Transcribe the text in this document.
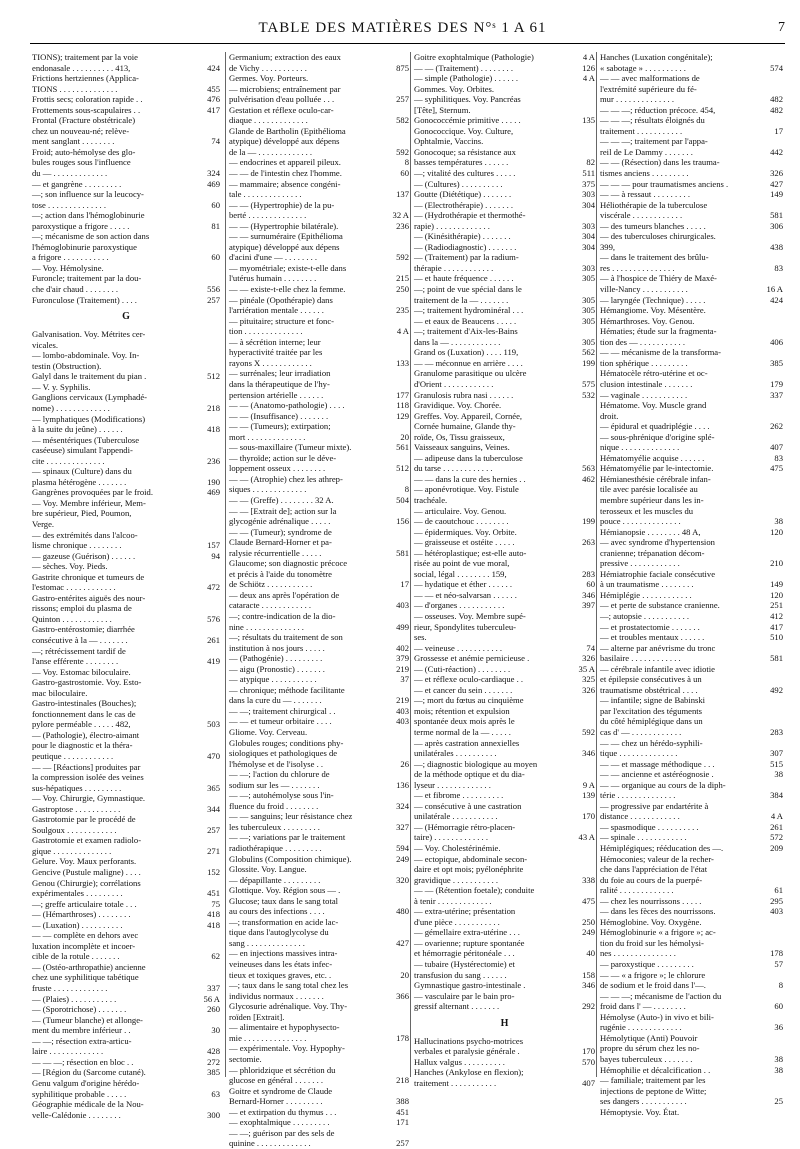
TABLE DES MATIÈRES DES N°ˢ 1 A 61	7
TIONS); traitement par la voie
endonasale . . . . . . . . . . 413,	424
Frictions hertziennes (Applica-
TIONS . . . . . . . . . . . . . .	455
Frottis secs; coloration rapide . .	476
Frottements sous-scapulaires . .	417
Frontal (Fracture obstétricale)
chez un nouveau-né; relève-
ment sanglant . . . . . . . .	74
Froid; auto-hémolyse des glo-
bules rouges sous l'influence
du — . . . . . . . . . . . . .	324
— et gangrène . . . . . . . . .	469
—; son influence sur la leucocy-
tose . . . . . . . . . . . . . .	60
—; action dans l'hémoglobinurie
paroxystique a frigore . . . . .	81
—; mécanisme de son action dans
l'hémoglobinurie paroxystique
a frigore . . . . . . . . . . .	60
— Voy. Hémolysine.
Furoncle; traitement par la dou-
che d'air chaud . . . . . . . .	556
Furonculose (Traitement) . . . .	257
G
Galvanisation. Voy. Métrites cer-
vicales.
— lombo-abdominale. Voy. In-
testin (Obstruction).
Galyl dans le traitement du pian .	512
— V. y. Syphilis.
Ganglions cervicaux (Lymphadé-
nome) . . . . . . . . . . . . .	218
— lymphatiques (Modifications)
à la suite du jeûne) . . . . . .	418
— mésentériques (Tuberculose
caséeuse) simulant l'appendi-
cite . . . . . . . . . . . . . .	236
— spinaux (Culture) dans du
plasma hétérogène . . . . . . .	190
Gangrènes provoquées par le froid.	469
— Voy. Membre inférieur, Mem-
bre supérieur, Pied, Poumon,
Verge.
— des extrémités dans l'alcoo-
lisme chronique . . . . . . . .	157
— gazeuse (Guérison) . . . . . .	94
— sèches. Voy. Pieds.
Gastrite chronique et tumeurs de
l'estomac . . . . . . . . . . . .	472
Gastro-entérites aiguës des nour-
rissons; emploi du plasma de
Quinton . . . . . . . . . . . .	576
Gastro-entérostomie; diarrhée
consécutive à la — . . . . . . .	261
—; rétrécissement tardif de
l'anse efférente . . . . . . . .	419
— Voy. Estomac biloculaire.
Gastro-gastrostomie. Voy. Esto-
mac biloculaire.
Gastro-intestinales (Bouches);
fonctionnement dans le cas de
pylore perméable . . . . . 482,	503
— (Pathologie), électro-aimant
pour le diagnostic et la théra-
peutique . . . . . . . . . . . .	470
— — [Réactions] produites par
la compression isolée des veines
sus-hépatiques . . . . . . . . .	365
— Voy. Chirurgie, Gymnastique.
Gastroptose . . . . . . . . . . .	344
Gastrotomie par le procédé de
Soulgoux . . . . . . . . . . . .	257
Gastrotomie et examen radiolo-
gique . . . . . . . . . . . . . .	271
Gelure. Voy. Maux perforants.
Gencive (Pustule maligne) . . . .	152
Genou (Chirurgie); corrélations
expérimentales . . . . . . . . .	451
—; greffe articulaire totale . . .	75
— (Hémarthroses) . . . . . . . .	418
— (Luxation) . . . . . . . . . .	418
— — complète en dehors avec
luxation incomplète et incoer-
cible de la rotule . . . . . . .	62
— (Ostéo-arthropathie) ancienne
chez une syphilitique tabétique
fruste . . . . . . . . . . . . .	337
— (Plaies) . . . . . . . . . . .	56 A
— (Sporotrichose) . . . . . . .	260
— (Tumeur blanche) et allonge-
ment du membre inférieur . .	30
— —; résection extra-articu-
laire . . . . . . . . . . . . .	428
— — —; résection en bloc . .	272
— [Région du (Sarcome cutané).	385
Genu valgum d'origine hérédo-
syphilitique probable . . . . .	63
Géographie médicale de la Nou-
velle-Calédonie . . . . . . . .	300
Germanium; extraction des eaux
de Vichy . . . . . . . . . . .	875
Germes. Voy. Porteurs.
— microbiens; entraînement par
pulvérisation d'eau polluée . . .	257
Gestation et réflexe oculo-car-
diaque . . . . . . . . . . . . .	582
Glande de Bartholin (Epithélioma
atypique) développé aux dépens
de la — . . . . . . . . . . . . .	592
— endocrines et appareil pileux.	8
— — de l'intestin chez l'homme.	60
— mammaire; absence congéni-
tale . . . . . . . . . . . . . .	137
— — (Hypertrophie) de la pu-
berté . . . . . . . . . . . . . .	32 A
— — (Hypertrophie bilatérale).	236
— — surnuméraire (Epithélioma
atypique) développé aux dépens
d'acini d'une — . . . . . . . .	592
— myométriale; existe-t-elle dans
l'utérus humain . . . . . . . .	215
— — existe-t-elle chez la femme.	250
— pinéale (Opothérapie) dans
l'arriération mentale . . . . . .	235
— pituitaire; structure et fonc-
tion . . . . . . . . . . . . . .	4 A
— à sécrétion interne; leur
hyperactivité traitée par les
rayons X . . . . . . . . . . . .	133
— surrénales; leur irradiation
dans la thérapeutique de l'hy-
pertension artérielle . . . . . .	177
— — (Anatomo-pathologie) . . . .	118
— — (Insuffisance) . . . . . . .	129
— — (Tumeurs); extirpation;
mort . . . . . . . . . . . . . .	20
— sous-maxillaire (Tumeur mixte).	561
— thyroïde; action sur le déve-
loppement osseux . . . . . . . .	512
— — (Atrophie) chez les athrep-
siques . . . . . . . . . . . . .	8
— — (Greffe) . . . . . . . . 32 A.	504
— — [Extrait de]; action sur la
glycogénie adrénalique . . . . .	156
— — (Tumeur); syndrome de
Claude Bernard-Horner et pa-
ralysie récurrentielle . . . . .	581
Glaucome; son diagnostic précoce
et précis à l'aide du tonomètre
de Schiötz . . . . . . . . . . .	17
— deux ans après l'opération de
cataracte . . . . . . . . . . . .	403
—; contre-indication de la dio-
nine . . . . . . . . . . . . . .	499
—; résultats du traitement de son
institution à nos jours . . . . .	402
— (Pathogénie) . . . . . . . . .	379
— aigu (Pronostic) . . . . . . .	219
— atypique . . . . . . . . . . .	37
— chronique; méthode facilitante
dans la cure du — . . . . . . .	219
— —; traitement chirurgical . .	403
— — et tumeur orbitaire . . . .	403
Gliome. Voy. Cerveau.
Globules rouges; conditions phy-
siologiques et pathologiques de
l'hémolyse et de l'isolyse . .	26
— —; l'action du chlorure de
sodium sur les — . . . . . . .	136
— —; autohémolyse sous l'in-
fluence du froid . . . . . . . .	324
— — sanguins; leur résistance chez
les tuberculeux . . . . . . . . .	327
— —; variations par le traitement
radiothérapique . . . . . . . . .	594
Globulins (Composition chimique).	249
Glossite. Voy. Langue.
— dépapillante . . . . . . . . .	320
Glottique. Voy. Région sous — .
Glucose; taux dans le sang total
au cours des infections . . . .	480
—; transformation en acide lac-
tique dans l'autoglycolyse du
sang . . . . . . . . . . . . . .	427
— en injections massives intra-
veineuses dans les états infec-
tieux et toxiques graves, etc. .	20
—; taux dans le sang total chez les
individus normaux . . . . . . .	366
Glycosurie adrénalique. Voy. Thy-
roïden [Extrait].
— alimentaire et hypophysecto-
mie . . . . . . . . . . . . . . .	178
— expérimentale. Voy. Hypophy-
sectomie.
— phloridzique et sécrétion du
glucose en général . . . . . . .	218
Goitre et syndrome de Claude
Bernard-Horner . . . . . . . . .	388
— et extirpation du thymus . . .	451
— exophtalmique . . . . . . . . .	171
— —; guérison par des sels de
quinine . . . . . . . . . . . . .	257
Goitre exophtalmique (Pathologie)	4 A
— — (Traitement) . . . . . . . .	126
— simple (Pathologie) . . . . . .	4 A
Gommes. Voy. Orbites.
— syphilitiques. Voy. Pancréas
[Tête], Sternum.
Gonococcémie primitive . . . . .	135
Gonococcique. Voy. Culture,
Ophtalmie, Vaccins.
Gonocoque; sa résistance aux
basses températures . . . . . .	82
—; vitalité des cultures . . . . .	511
— (Cultures) . . . . . . . . . .	375
Goutte (Diététique) . . . . . . .	303
— (Electrothérapie) . . . . . . .	304
— (Hydrothérapie et thermothé-
rapie) . . . . . . . . . . . . .	303
— (Kinésithérapie) . . . . . . .	304
— (Radiodiagnostic) . . . . . . .	304
— (Traitement) par la radium-
thérapie . . . . . . . . . . . .	303
— et haute fréquence . . . . . .	305
—; point de vue spécial dans le
traitement de la — . . . . . . .	305
—; traitement hydrominéral . . .	305
— et eaux de Beaucens . . . . .	305
—; traitement d'Aix-les-Bains
dans la — . . . . . . . . . . . .	305
Grand os (Luxation) . . . . 119,	562
— — méconnue en arrière . . . .	199
Granulome parasitique ou ulcère
d'Orient . . . . . . . . . . . .	575
Granulosis rubra nasi . . . . . .	532
Gravidique. Voy. Chorée.
Greffes. Voy. Appareil, Cornée,
Cornée humaine, Glande thy-
roïde, Os, Tissu graisseux,
Vaisseaux sanguins, Veines.
— adipeuse dans la tuberculose
du tarse . . . . . . . . . . . .	563
— — dans la cure des hernies . .	462
— aponévrotique. Voy. Fistule
trachéale.
— articulaire. Voy. Genou.
— de caoutchouc . . . . . . . .	199
— épidermiques. Voy. Orbite.
— graisseuse et ostéite . . . . .	263
— hétéroplastique; est-elle auto-
risée au point de vue moral,
social, légal . . . . . . . . 159,	283
— hydatique et éther . . . . . .	60
— — et néo-salvarsan . . . . . .	346
— d'organes . . . . . . . . . . .	397
— osseuses. Voy. Membre supé-
rieur, Spondylites tuberculeu-
ses.
— veineuse . . . . . . . . . . .	74
Grossesse et anémie pernicieuse .	326
— (Cuti-réaction) . . . . . . . .	35 A
— et réflexe oculo-cardiaque . .	325
— et cancer du sein . . . . . . .	326
—; mort du fœtus au cinquième
mois; rétention et expulsion
spontanée deux mois après le
terme normal de la — . . . . .	592
— après castration annexielles
unilatérales . . . . . . . . . .	346
—; diagnostic biologique au moyen
de la méthode optique et du dia-
lyseur . . . . . . . . . . . . .	9 A
— et fibrome . . . . . . . . . .	139
— consécutive à une castration
unilatérale . . . . . . . . . . .	170
— (Hémorragie rétro-placen-
taire) . . . . . . . . . . . . .	43 A
— Voy. Cholestérinémie.
— ectopique, abdominale secon-
daire et opt mois; pyélonéphrite
gravidique . . . . . . . . . . .	338
— — (Rétention foetale); conduite
à tenir . . . . . . . . . . . . .	475
— extra-utérine; présentation
d'une pièce . . . . . . . . . . .	250
— gémellaire extra-utérine . . .	249
— ovarienne; rupture spontanée
et hémorragie péritonéale . . .	40
— tubaire (Hystérectomie) et
transfusion du sang . . . . . .	158
Gymnastique gastro-intestinale .	346
— vasculaire par le bain pro-
gressif alternant . . . . . . .	292
H
Hallucinations psycho-motrices
verbales et paralysie générale .	170
Hallux valgus . . . . . . . . . .	570
Hanches (Ankylose en flexion);
traitement . . . . . . . . . . .	407
Hanches (Luxation congénitale);
« sabotage » . . . . . . . . . .	574
— — avec malformations de
l'extrémité supérieure du fé-
mur . . . . . . . . . . . . . .	482
— — —; réduction précoce. 454,	482
— — —; résultats éloignés du
traitement . . . . . . . . . . .	17
— — —; traitement par l'appa-
reil de Le Dammy . . . . . . .	442
— — (Résection) dans les trauma-
tismes anciens . . . . . . . . .	326
— — — pour traumatismes anciens .	427
— — à ressaut . . . . . . . . .	149
Héliothérapie de la tuberculose
viscérale . . . . . . . . . . . .	581
— des tumeurs blanches . . . . .	306
— des tuberculoses chirurgicales.
399,	438
— dans le traitement des brûlu-
res . . . . . . . . . . . . . . .	83
— à l'hospice de Thiéry de Maxé-
ville-Nancy . . . . . . . . . . .	16 A
— laryngée (Technique) . . . . .	424
Hémangiome. Voy. Mésentère.
Hémarthroses. Voy. Genou.
Hématies; étude sur la fragmenta-
tion des — . . . . . . . . . . .	406
— — mécanisme de la transforma-
tion sphérique . . . . . . . . .	385
Hématocèle rétro-utérine et oc-
clusion intestinale . . . . . . .	179
— vaginale . . . . . . . . . . .	337
Hématome. Voy. Muscle grand
droit.
— épidural et quadriplégie . . . .	262
— sous-phrénique d'origine splé-
nique . . . . . . . . . . . . . .	407
Hématomyélie acquise . . . . . .	83
Hématomyélie par le-intectomie.	475
Hémianesthésie cérébrale infan-
tile avec parésie localisée au
membre supérieur dans les in-
terosseux et les muscles du
pouce . . . . . . . . . . . . . .	38
Hémianopsie . . . . . . . . 48 A,	120
— avec syndrome d'hypertension
cranienne; trépanation décom-
pressive . . . . . . . . . . . .	210
Hémiatrophie faciale consécutive
à un traumatisme . . . . . . . .	149
Hémiplégie . . . . . . . . . . . .	120
— et perte de substance cranienne.	251
—; autopsie . . . . . . . . . . .	412
— et prostatectomie . . . . . . .	417
— et troubles mentaux . . . . . .	510
— alterne par anévrisme du tronc
basilaire . . . . . . . . . . . .	581
— cérébrale infantile avec idiotie
et épilepsie consécutives à un
traumatisme obstétrical . . . .	492
— infantile; signe de Babinski
par l'excitation des téguments
du côté hémiplégique dans un
cas d' — . . . . . . . . . . . .	283
— — chez un hérédo-syphili-
tique . . . . . . . . . . . . . .	307
— — et massage méthodique . . .	515
— — ancienne et astéréognosie .	38
— — organique au cours de la diph-
térie . . . . . . . . . . . . . .	384
— progressive par endartérite à
distance . . . . . . . . . . . .	4 A
— spasmodique . . . . . . . . . .	261
— spinale . . . . . . . . . . . .	572
Hémiplégiques; rééducation des —.	209
Hémoconies; valeur de la recher-
che dans l'appréciation de l'état
du foie au cours de la puerpé-
ralité . . . . . . . . . . . . .	61
— chez les nourrissons . . . . .	295
— dans les fèces des nourrissons.	403
Hémoglobine. Voy. Oxygène.
Hémoglobinurie « a frigore »; ac-
tion du froid sur les hémolysi-
nes . . . . . . . . . . . . . . .	178
— paroxystique . . . . . . . . .	57
— — « a frigore »; le chlorure
de sodium et le froid dans l'—.	8
— — —; mécanisme de l'action du
froid dans l' — . . . . . . . .	60
Hémolyse (Auto-) in vivo et bili-
rugénie . . . . . . . . . . . . .	36
Hémolytique (Anti) Pouvoir
propre du sérum chez les no-
bayes tuberculeux . . . . . . .	38
Hémophilie et décalcification . .	38
— familiale; traitement par les
injections de peptone de Witte;
ses dangers . . . . . . . . . . .	25
Hémoptysie. Voy. État.
